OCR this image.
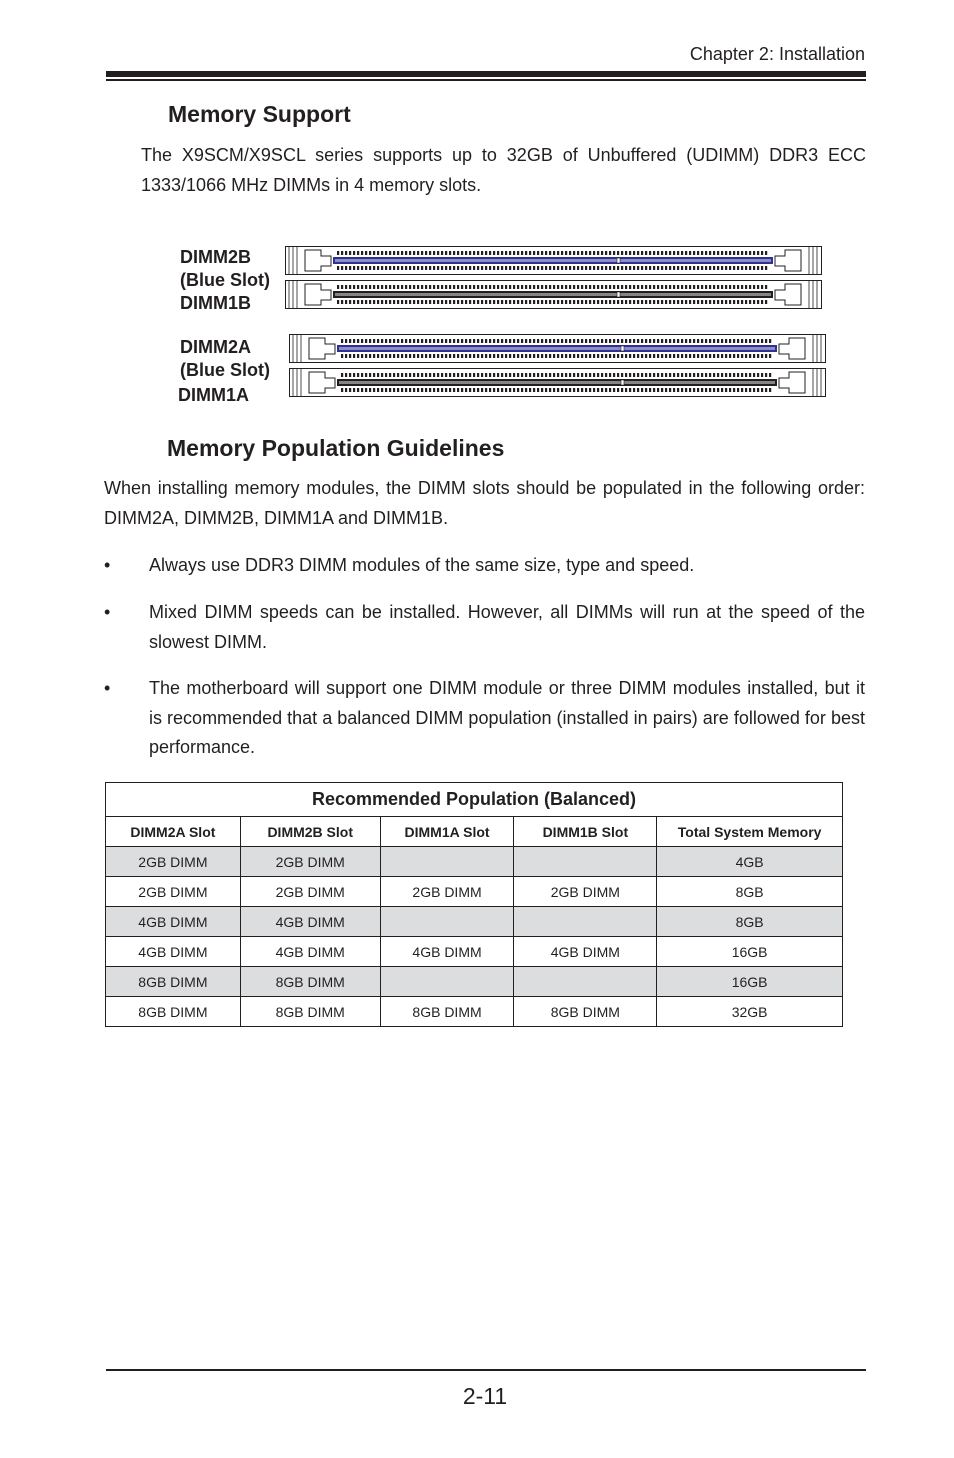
Chapter 2: Installation
Memory Support
The X9SCM/X9SCL series supports up to 32GB of Unbuffered (UDIMM) DDR3 ECC 1333/1066 MHz DIMMs in 4 memory slots.
DIMM2B
(Blue Slot)
DIMM1B
DIMM2A
(Blue Slot)
DIMM1A
Memory Population Guidelines
When installing memory modules, the DIMM slots should be populated in the following order: DIMM2A, DIMM2B, DIMM1A and DIMM1B.
• Always use DDR3 DIMM modules of the same size, type and speed.
• Mixed DIMM speeds can be installed. However, all DIMMs will run at the speed of the slowest DIMM.
• The motherboard will support one DIMM module or three DIMM modules installed, but it is recommended that a balanced DIMM population (installed in pairs) are followed for best performance.
Recommended Population (Balanced)				
DIMM2A Slot	DIMM2B Slot	DIMM1A Slot	DIMM1B Slot	Total System Memory
2GB DIMM	2GB DIMM			4GB
2GB DIMM	2GB DIMM	2GB DIMM	2GB DIMM	8GB
4GB DIMM	4GB DIMM			8GB
4GB DIMM	4GB DIMM	4GB DIMM	4GB DIMM	16GB
8GB DIMM	8GB DIMM			16GB
8GB DIMM	8GB DIMM	8GB DIMM	8GB DIMM	32GB
2-11
